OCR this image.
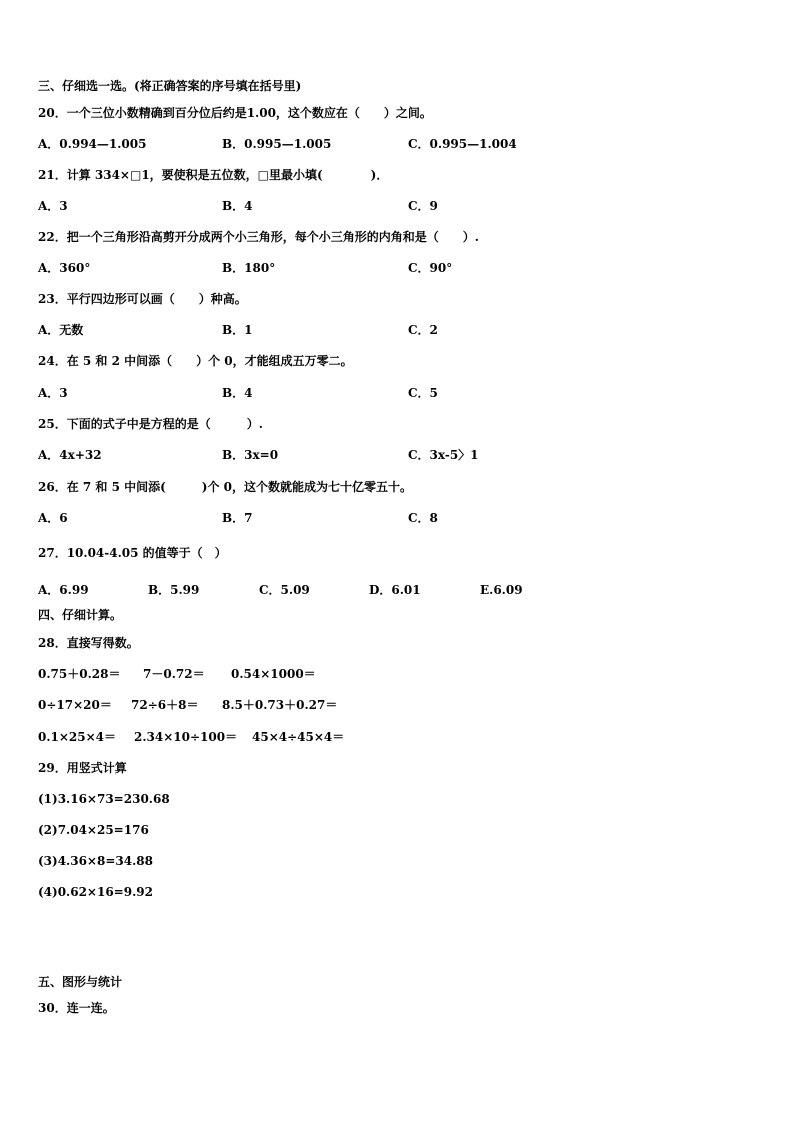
三、仔细选一选。(将正确答案的序号填在括号里)
20．一个三位小数精确到百分位后约是1.00，这个数应在（　　）之间。
A．0.994—1.005	B．0.995—1.005	C．0.995—1.004
21．计算 334×□1，要使积是五位数，□里最小填(　　　　)．
A．3	B．4	C．9
22．把一个三角形沿高剪开分成两个小三角形，每个小三角形的内角和是（　　）.
A．360°	B．180°	C．90°
23．平行四边形可以画（　　）种高。
A．无数	B．1	C．2
24．在 5 和 2 中间添（　　）个 0，才能组成五万零二。
A．3	B．4	C．5
25．下面的式子中是方程的是（　　　）.
A．4x+32	B．3x=0	C．3x-5〉1
26．在 7 和 5 中间添(　　　)个 0，这个数就能成为七十亿零五十。
A．6	B．7	C．8
27．10.04-4.05 的值等于（　）
A．6.99	B．5.99	C．5.09	D．6.01	E.6.09
四、仔细计算。
28．直接写得数。
0.75＋0.28＝ 7－0.72＝ 0.54×1000＝
0÷17×20＝ 72÷6＋8＝ 8.5＋0.73＋0.27＝
0.1×25×4＝ 2.34×10÷100＝ 45×4÷45×4＝
29．用竖式计算
(1)3.16×73=230.68
(2)7.04×25=176
(3)4.36×8=34.88
(4)0.62×16=9.92
五、图形与统计
30．连一连。
